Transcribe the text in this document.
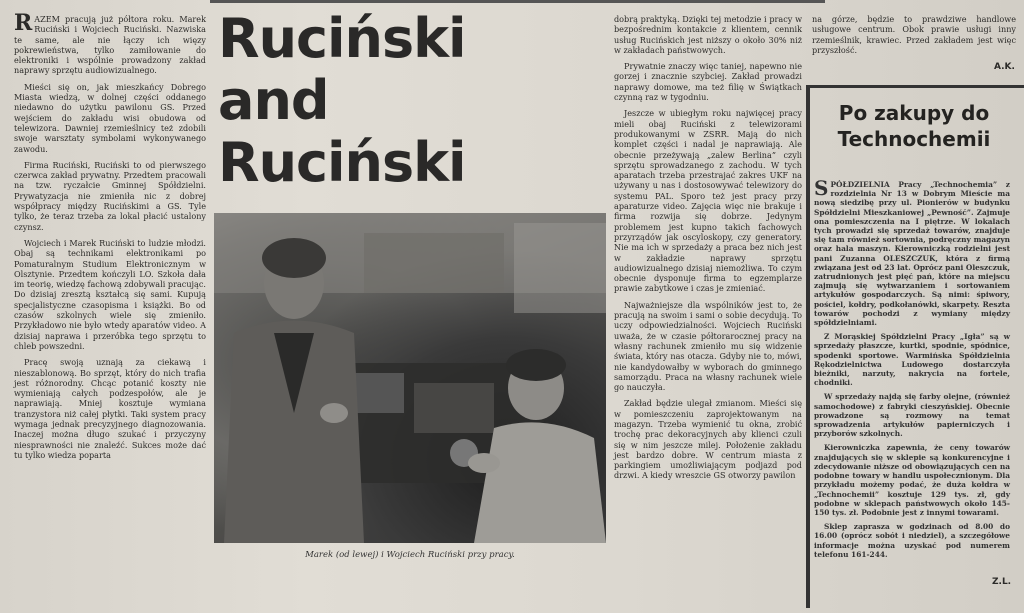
RAZEM pracują już półtora roku. Marek Ruciński i Wojciech Ruciński. Nazwiska te same, ale nie łączy ich więzy pokrewieństwa, tylko zamiłowanie do elektroniki i wspólnie prowadzony zakład naprawy sprzętu audiowizualnego.

Mieści się on, jak mieszkańcy Dobrego Miasta wiedzą, w dolnej części oddanego niedawno do użytku pawilonu GS. Przed wejściem do zakładu wisi obudowa od telewizora. Dawniej rzemieślnicy też zdobili swoje warsztaty symbolami wykonywanego zawodu.

Firma Ruciński, Ruciński to od pierwszego czerwca zakład prywatny. Przedtem pracowali na tzw. ryczałcie Gminnej Spółdzielni. Prywatyzacja nie zmieniła nic z dobrej współpracy między Rucińskimi a GS. Tyle tylko, że teraz trzeba za lokal płacić ustalony czynsz.

Wojciech i Marek Ruciński to ludzie młodzi. Obaj są technikami elektronikami po Pomaturalnym Studium Elektronicznym w Olsztynie. Przedtem kończyli LO. Szkoła dała im teorię, wiedzę fachową zdobywali pracując. Do dzisiaj zresztą kształcą się sami. Kupują specjalistyczne czasopisma i książki. Bo od czasów szkolnych wiele się zmieniło. Przykładowo nie było wtedy aparatów video. A dzisiaj naprawa i przeróbka tego sprzętu to chleb powszedni.

Pracę swoją uznają za ciekawą i nieszablonową. Bo sprzęt, który do nich trafia jest różnorodny. Chcąc potanić koszty nie wymieniają całych podzespołów, ale je naprawiają. Mniej kosztuje wymiana tranzystora niż całej płytki. Taki system pracy wymaga jednak precyzyjnego diagnozowania. Inaczej można długo szukać i przyczyny niesprawności nie znaleźć. Sukces może dać tu tylko wiedza poparta

Ruciński
and
Ruciński
Marek (od lewej) i Wojciech Ruciński przy pracy.

dobrą praktyką. Dzięki tej metodzie i pracy w bezpośrednim kontakcie z klientem, cennik usług Rucińskich jest niższy o około 30% niż w zakładach państwowych.

Prywatnie znaczy więc taniej, napewno nie gorzej i znacznie szybciej. Zakład prowadzi naprawy domowe, ma też filię w Świątkach czynną raz w tygodniu.

Jeszcze w ubiegłym roku najwięcej pracy mieli obaj Ruciński z telewizorami produkowanymi w ZSRR. Mają do nich komplet części i nadal je naprawiają. Ale obecnie przeżywają „zalew Berlina” czyli sprzętu sprowadzanego z zachodu. W tych aparatach trzeba przestrajać zakres UKF na używany u nas i dostosowywać telewizory do systemu PAL. Sporo też jest pracy przy aparaturze video. Zajęcia więc nie brakuje i firma rozwija się dobrze. Jedynym problemem jest kupno takich fachowych przyrządów jak oscyloskopy, czy generatory. Nie ma ich w sprzedaży a praca bez nich jest w zakładzie naprawy sprzętu audiowizualnego dzisiaj niemożliwa. To czym obecnie dysponuje firma to egzemplarze prawie zabytkowe i czas je zmieniać.

Najważniejsze dla wspólników jest to, że pracują na swoim i sami o sobie decydują. To uczy odpowiedzialności. Wojciech Ruciński uważa, że w czasie półtorarocznej pracy na własny rachunek zmieniło mu się widzenie świata, który nas otacza. Gdyby nie to, mówi, nie kandydowałby w wyborach do gminnego samorządu. Praca na własny rachunek wiele go nauczyła.

Zakład będzie ulegał zmianom. Mieści się w pomieszczeniu zaprojektowanym na magazyn. Trzeba wymienić tu okna, zrobić trochę prac dekoracyjnych aby klienci czuli się w nim jeszcze milej. Położenie zakładu jest bardzo dobre. W centrum miasta z parkingiem umożliwiającym podjazd pod drzwi. A kiedy wreszcie GS otworzy pawilon

na górze, będzie to prawdziwe handlowe usługowe centrum. Obok prawie usługi inny rzemieślnik, krawiec. Przed zakładem jest więc przyszłość.

A.K.
Po zakupy do
Technochemii

SPÓŁDZIELNIA Pracy „Technochemia” z rozdzielnia Nr 13 w Dobrym Mieście ma nową siedzibę przy ul. Pionierów w budynku Spółdzielni Mieszkaniowej „Pewność”. Zajmuje ona pomieszczenia na I piętrze. W lokalach tych prowadzi się sprzedaż towarów, znajduje się tam również sortownia, podręczny magazyn oraz hala maszyn. Kierowniczką rodzielni jest pani Zuzanna OLESZCZUK, która z firmą związana jest od 23 lat. Oprócz pani Oleszczuk, zatrudnionych jest pięć pań, które na miejscu zajmują się wytwarzaniem i sortowaniem artykułów gospodarczych. Są nimi: śpiwory, pościel, kołdry, podkołanówki, skarpety. Reszta towarów pochodzi z wymiany między spółdzielniami.

Z Morąskiej Spółdzielni Pracy „Igła” są w sprzedaży płaszcze, kurtki, spodnie, spódnice, spodenki sportowe. Warmińska Spółdzielnia Rękodzielnictwa Ludowego dostarczyła bieżniki, narzuty, nakrycia na fortele, chodniki.

W sprzedaży najdą się farby olejne, (również samochodowe) z fabryki cieszyńskiej. Obecnie prowadzone są rozmowy na temat sprowadzenia artykułów papierniczych i przyborów szkolnych.

Kierowniczka zapewnia, że ceny towarów znajdujących się w sklepie są konkurencyjne i zdecydowanie niższe od obowiązujących cen na podobne towary w handlu uspołecznionym. Dla przykładu możemy podać, że duża kołdra w „Technochemii” kosztuje 129 tys. zł, gdy podobne w sklepach państwowych około 145-150 tys. zł. Podobnie jest z innymi towarami.

Sklep zaprasza w godzinach od 8.00 do 16.00 (oprócz sobót i niedziel), a szczegółowe informacje można uzyskać pod numerem telefonu 161-244.

Z.L.
